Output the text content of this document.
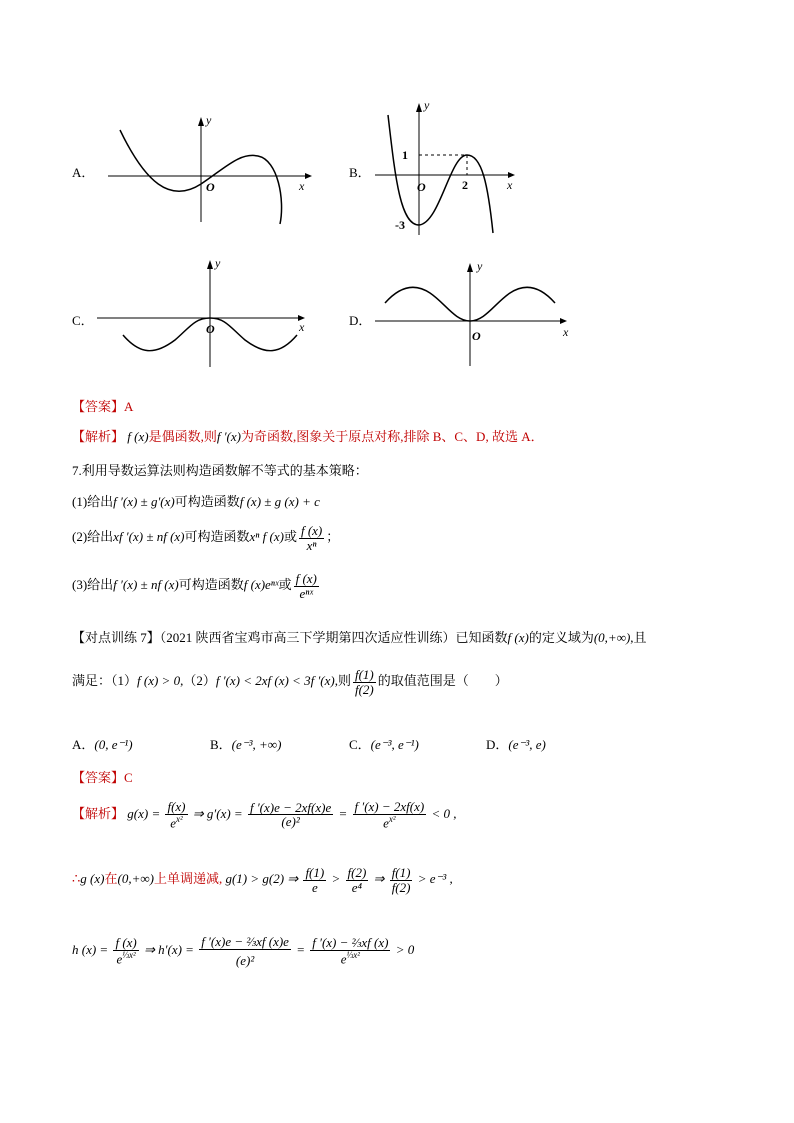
A．
O	x
y
B．
1
2
-3
O	x
y
C．
O	x
y
D．
O	x
y
【答案】A
【解析】 f (x)是偶函数,则f ′(x)为奇函数,图象关于原点对称,排除 B、C、D, 故选 A．
7.利用导数运算法则构造函数解不等式的基本策略：
(1)给出f ′(x) ± g′(x)可构造函数f (x) ± g (x) + c
(2)给出xf ′(x) ± nf (x)可构造函数xⁿ f (x)或 $\frac{f (x)}{\text{xⁿ}}$ ；
(3)给出f ′(x) ± nf (x)可构造函数f (x)eⁿˣ或 $\frac{f (x)}{\text{eⁿˣ}}$
【对点训练 7】（2021 陕西省宝鸡市高三下学期第四次适应性训练）已知函数f (x)的定义域为(0,+∞),且
满足：（1）f (x) > 0,（2）f ′(x) < 2xf (x) < 3f ′(x),则 $\frac{f(1)}{f(2)}$ 的取值范围是（　　）
A．(0, e⁻¹)	B．(e⁻³, +∞)	C．(e⁻³, e⁻¹)	D．(e⁻³, e)
【答案】C
【解析】 $g(x) = \frac{f(x)}{e^{x^2}}$ ⇒ $g'(x) = \frac{f '(x)e - 2xf(x)e}{\text{(e)²}} = \frac{f '(x) - 2xf(x)}{e^{x^2}} < 0$ ,
∴g (x)在(0,+∞)上单调递减, g(1) > g(2) ⇒ $\frac{f(1)}{e} > \frac{f(2)}{\text{e⁴}}$ ⇒ $\frac{f(1)}{f(2)} > e^{-3}$ ,
h $(x) = \frac{f (x)}{e^{\frac{1}{3}x^2}}$ ⇒ $h'(x) = \frac{\text{f ′(x)e − ⅔xf (x)e}}{\text{(e)²}} = \frac{\text{f ′(x) − ⅔xf (x)}}{e^{\frac{1}{3}x^2}} > 0$
